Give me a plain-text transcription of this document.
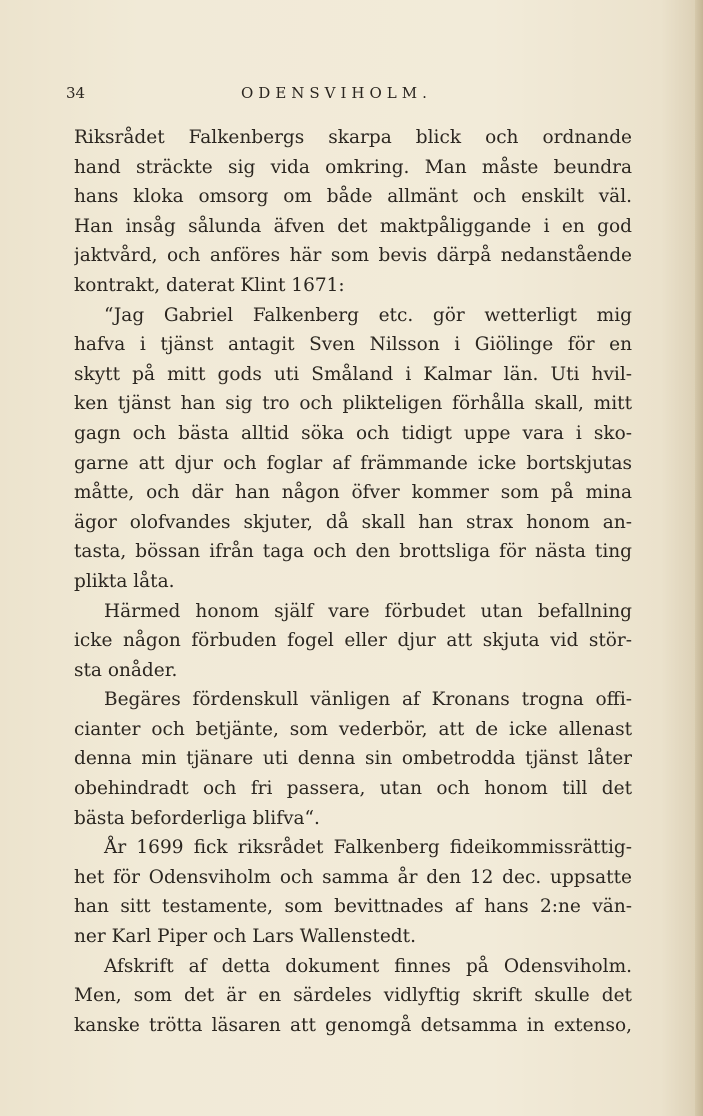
34	ODENSVIHOLM.
Riksrådet Falkenbergs skarpa blick och ordnande
hand sträckte sig vida omkring. Man måste beundra
hans kloka omsorg om både allmänt och enskilt väl.
Han insåg sålunda äfven det maktpåliggande i en god
jaktvård, och anföres här som bevis därpå nedanstående
kontrakt, daterat Klint 1671:
“Jag Gabriel Falkenberg etc. gör wetterligt mig
hafva i tjänst antagit Sven Nilsson i Giölinge för en
skytt på mitt gods uti Småland i Kalmar län. Uti hvil-
ken tjänst han sig tro och plikteligen förhålla skall, mitt
gagn och bästa alltid söka och tidigt uppe vara i sko-
garne att djur och foglar af främmande icke bortskjutas
måtte, och där han någon öfver kommer som på mina
ägor olofvandes skjuter, då skall han strax honom an-
tasta, bössan ifrån taga och den brottsliga för nästa ting
plikta låta.
Härmed honom själf vare förbudet utan befallning
icke någon förbuden fogel eller djur att skjuta vid stör-
sta onåder.
Begäres fördenskull vänligen af Kronans trogna offi-
cianter och betjänte, som vederbör, att de icke allenast
denna min tjänare uti denna sin ombetrodda tjänst låter
obehindradt och fri passera, utan och honom till det
bästa beforderliga blifva“.
År 1699 fick riksrådet Falkenberg fideikommissrättig-
het för Odensviholm och samma år den 12 dec. uppsatte
han sitt testamente, som bevittnades af hans 2:ne vän-
ner Karl Piper och Lars Wallenstedt.
Afskrift af detta dokument finnes på Odensviholm.
Men, som det är en särdeles vidlyftig skrift skulle det
kanske trötta läsaren att genomgå detsamma in extenso,
